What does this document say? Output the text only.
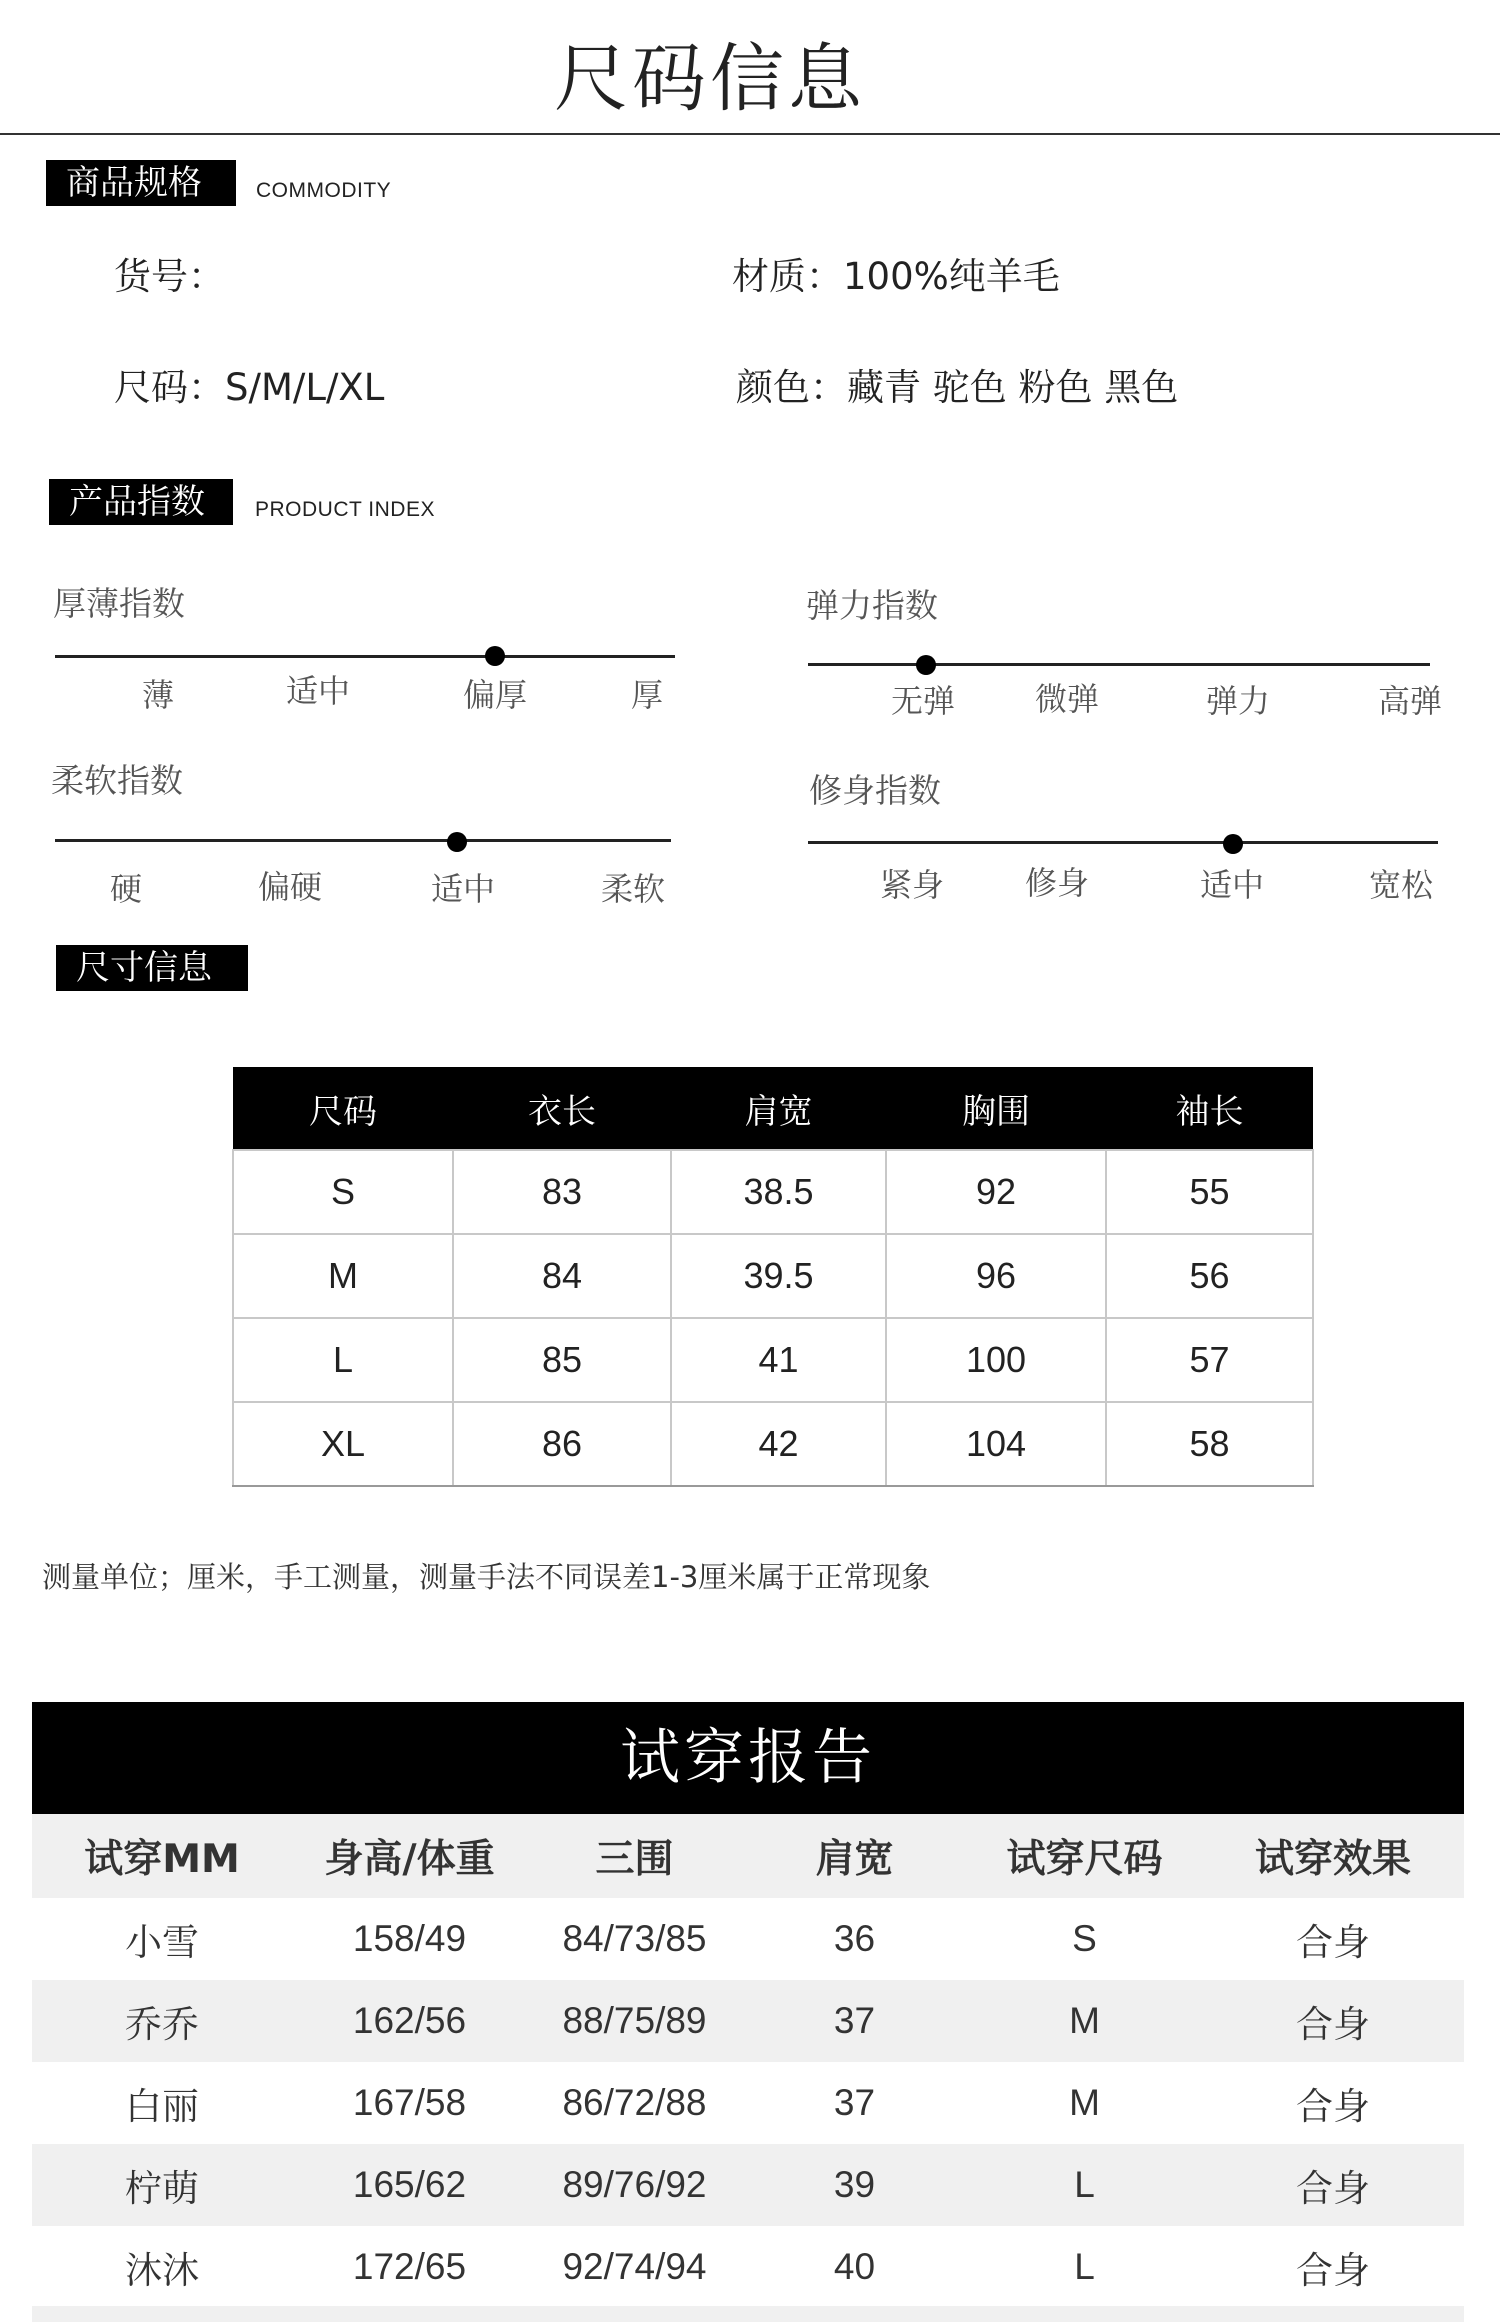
尺码信息
商品规格	COMMODITY
货号：	材质：100%纯羊毛
尺码：S/M/L/XL	颜色：藏青 驼色 粉色 黑色
产品指数	PRODUCT INDEX
厚薄指数
薄	适中	偏厚	厚
弹力指数
无弹	微弹	弹力	高弹
柔软指数
硬	偏硬	适中	柔软
修身指数
紧身	修身	适中	宽松
尺寸信息
尺码	衣长	肩宽	胸围	袖长
S	83	38.5	92	55
M	84	39.5	96	56
L	85	41	100	57
XL	86	42	104	58
测量单位；厘米，手工测量，测量手法不同误差1-3厘米属于正常现象
试穿报告
试穿MM	身高/体重	三围	肩宽	试穿尺码	试穿效果
小雪	158/49	84/73/85	36	S	合身
乔乔	162/56	88/75/89	37	M	合身
白丽	167/58	86/72/88	37	M	合身
柠萌	165/62	89/76/92	39	L	合身
沐沐	172/65	92/74/94	40	L	合身
